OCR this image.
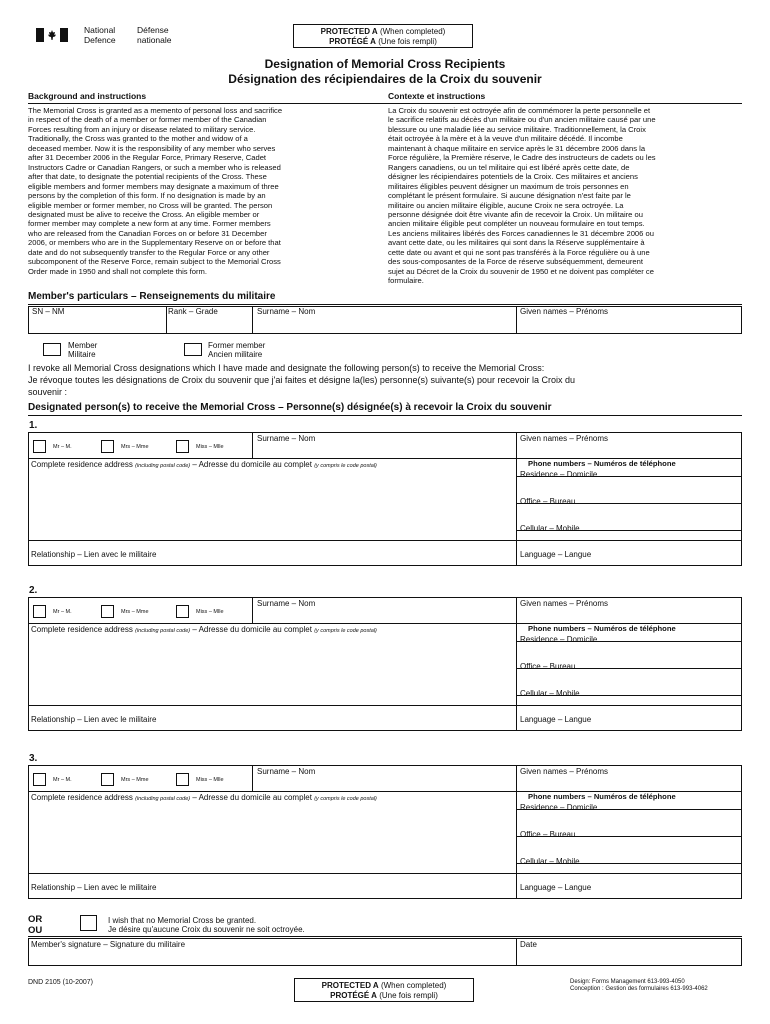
National
Defence
Défense
nationale
PROTECTED A (When completed)
PROTÉGÉ A (Une fois rempli)
Designation of Memorial Cross Recipients
Désignation des récipiendaires de la Croix du souvenir
Background and instructions	Contexte et instructions
The Memorial Cross is granted as a memento of personal loss and sacrifice
in respect of the death of a member or former member of the Canadian
Forces resulting from an injury or disease related to military service.
Traditionally, the Cross was granted to the mother and widow of a
deceased member. Now it is the responsibility of any member who serves
after 31 December 2006 in the Regular Force, Primary Reserve, Cadet
Instructors Cadre or Canadian Rangers, or such a member who is released
after that date, to designate the potential recipients of the Cross. These
eligible members and former members may designate a maximum of three
persons by the completion of this form. If no designation is made by an
eligible member or former member, no Cross will be granted. The person
designated must be alive to receive the Cross. An eligible member or
former member may complete a new form at any time. Former members
who are released from the Canadian Forces on or before 31 December
2006, or members who are in the Supplementary Reserve on or before that
date and do not subsequently transfer to the Regular Force or any other
subcomponent of the Reserve Force, remain subject to the Memorial Cross
Order made in 1950 and shall not complete this form.
La Croix du souvenir est octroyée afin de commémorer la perte personnelle et
le sacrifice relatifs au décès d'un militaire ou d'un ancien militaire causé par une
blessure ou une maladie liée au service militaire. Traditionnellement, la Croix
était octroyée à la mère et à la veuve d'un militaire décédé. Il incombe
maintenant à chaque militaire en service après le 31 décembre 2006 dans la
Force régulière, la Première réserve, le Cadre des instructeurs de cadets ou les
Rangers canadiens, ou un tel militaire qui est libéré après cette date, de
désigner les récipiendaires potentiels de la Croix. Ces militaires et anciens
militaires éligibles peuvent désigner un maximum de trois personnes en
complétant le présent formulaire. Si aucune désignation n'est faite par le
militaire ou ancien militaire éligible, aucune Croix ne sera octroyée. La
personne désignée doit être vivante afin de recevoir la Croix. Un militaire ou
ancien militaire éligible peut compléter un nouveau formulaire en tout temps.
Les anciens militaires libérés des Forces canadiennes le 31 décembre 2006 ou
avant cette date, ou les militaires qui sont dans la Réserve supplémentaire à
cette date ou avant et qui ne sont pas transférés à la Force régulière ou à une
des sous-composantes de la Force de réserve subséquemment, demeurent
sujet au Décret de la Croix du souvenir de 1950 et ne doivent pas compléter ce
formulaire.
Member's particulars – Renseignements du militaire
SN – NM	Rank – Grade	Surname – Nom	Given names – Prénoms
Member
Militaire
Former member
Ancien militaire
I revoke all Memorial Cross designations which I have made and designate the following person(s) to receive the Memorial Cross:
Je révoque toutes les désignations de Croix du souvenir que j'ai faites et désigne la(les) personne(s) suivante(s) pour recevoir la Croix du
souvenir :
Designated person(s) to receive the Memorial Cross – Personne(s) désignée(s) à recevoir la Croix du souvenir
1.
Mr – M.	Mrs – Mme	Miss – Mlle
Surname – Nom	Given names – Prénoms
Complete residence address (including postal code) – Adresse du domicile au complet (y compris le code postal)	Phone numbers – Numéros de téléphone
Residence – Domicile
Office – Bureau
Cellular – Mobile
Relationship – Lien avec le militaire	Language – Langue
2.
Mr – M.	Mrs – Mme	Miss – Mlle
Surname – Nom	Given names – Prénoms
Complete residence address (including postal code) – Adresse du domicile au complet (y compris le code postal)	Phone numbers – Numéros de téléphone
Residence – Domicile
Office – Bureau
Cellular – Mobile
Relationship – Lien avec le militaire	Language – Langue
3.
Mr – M.	Mrs – Mme	Miss – Mlle
Surname – Nom	Given names – Prénoms
Complete residence address (including postal code) – Adresse du domicile au complet (y compris le code postal)	Phone numbers – Numéros de téléphone
Residence – Domicile
Office – Bureau
Cellular – Mobile
Relationship – Lien avec le militaire	Language – Langue
OR
OU
I wish that no Memorial Cross be granted.
Je désire qu'aucune Croix du souvenir ne soit octroyée.
Member's signature – Signature du militaire	Date
DND 2105 (10-2007)	PROTECTED A (When completed)
PROTÉGÉ A (Une fois rempli)
Design: Forms Management 613-993-4050
Conception : Gestion des formulaires 613-993-4062
